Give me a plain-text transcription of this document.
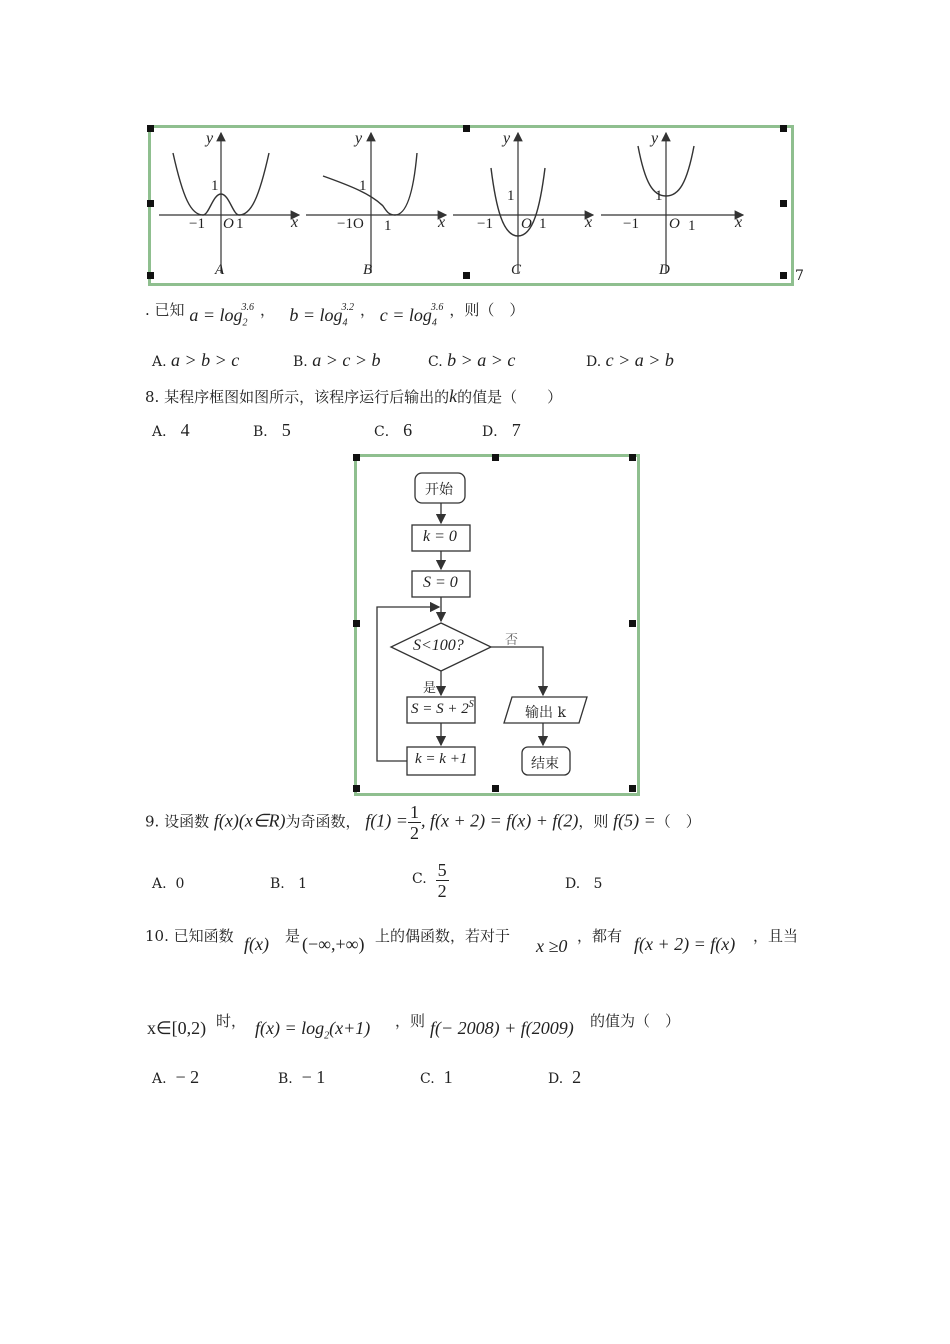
y
x
1
−1 O 1
A
y
x
1
−1O 1
B
y
x
1
−1 O 1
C
y
x
1
−1 O 1
D	7
. 已知 $a = \log_2^{3.6}$ ， $b = \log_4^{3.2}$ ， $c = \log_4^{3.6}$ ，则（　）
A. a > b > c	B. a > c > b	C. b > a > c	D. c > a > b
8. 某程序框图如图所示，该程序运行后输出的k的值是（　　）
A． 4	B． 5	C． 6	D． 7
开始
k = 0
S = 0
S<100?	否
是
$S = S + 2^S$
k = k +1
输出 k
结束
9. 设函数 f(x)(x∈R)为奇函数， $f(1) = \frac{1}{2}$ , f(x + 2) = f(x) + f(2)，则 f(5) =（　）
A. 0	B. 1	C. $\frac{5}{2}$	D. 5
10. 已知函数 f(x) 是 (−∞,+∞) 上的偶函数，若对于 x ≥0 ，都有 f(x + 2) = f(x) ，且当
x∈[0,2) 时， $f(x) = \log_2(x+1)$ ，则 f(− 2008) + f(2009) 的值为（　）
A. − 2	B. − 1	C. 1	D. 2
